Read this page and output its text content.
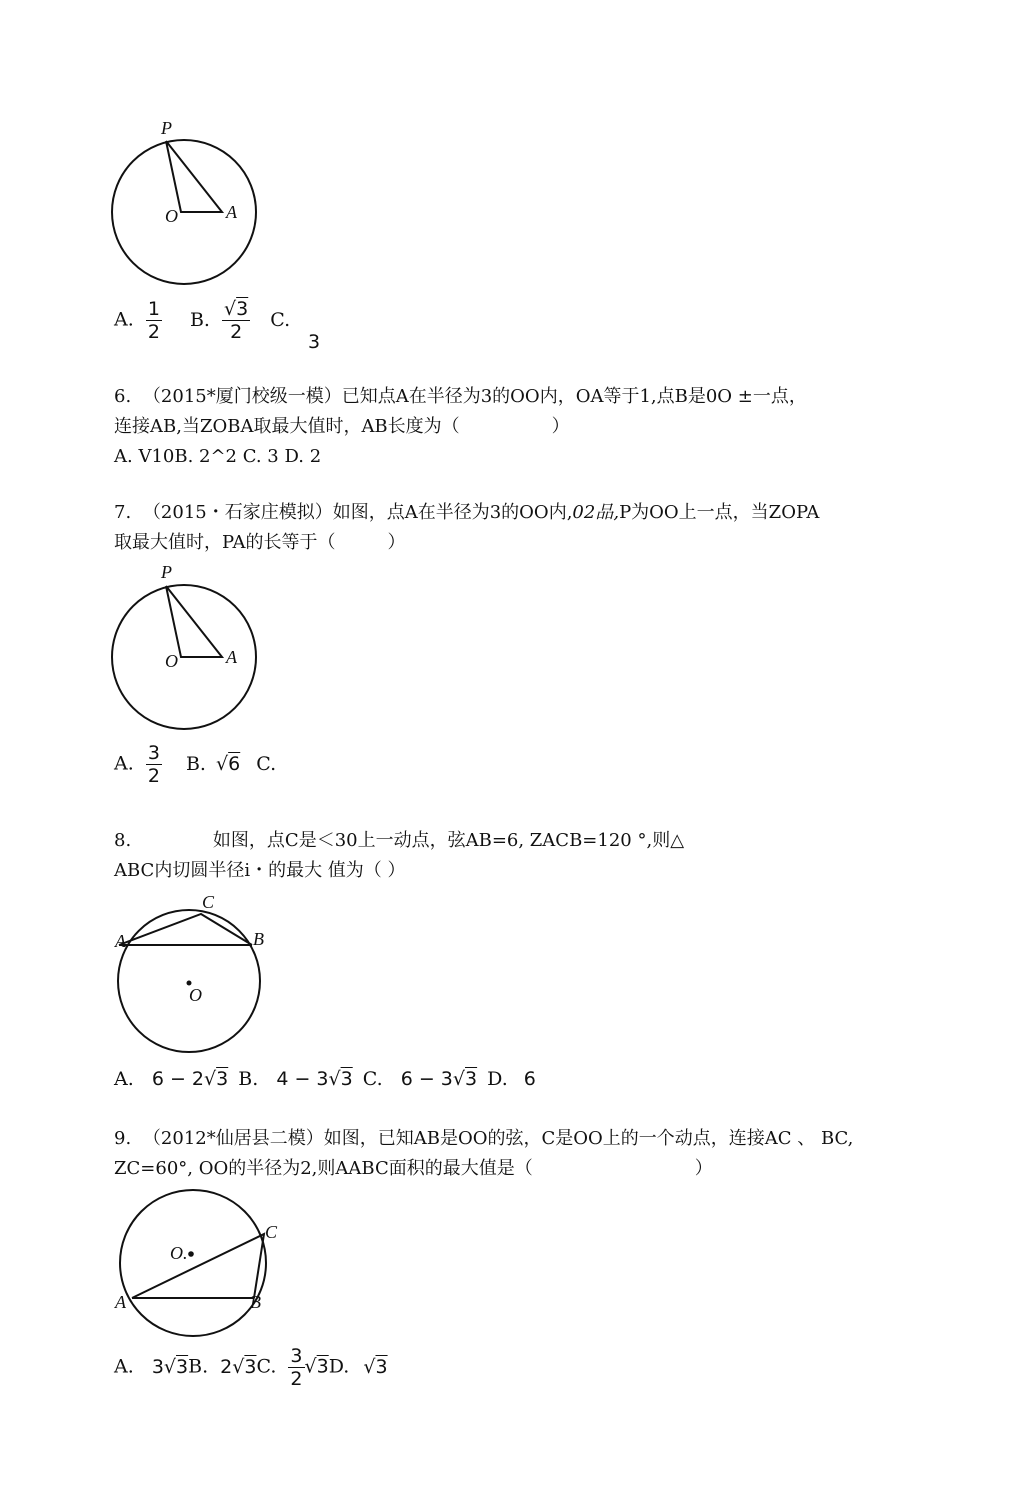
P
O	A
A. $\frac{1}{2} B$. $\frac{√3}{2} C$.
3
6. （2015*厦门校级一模）已知点A在半径为3的OO内，OA等于1,点B是0O ±一点，
连接AB,当ZOBA取最大值时，AB长度为（	）
A. V10B. 2^2 C. 3 D. 2
7. （2015・石家庄模拟）如图，点A在半径为3的OO内,02品,P为OO上一点，当ZOPA
取最大值时，PA的长等于（	）
P
O	A
A. $\frac{3}{2} B$. √6 C.
8.	如图，点C是＜30上一动点，弦AB=6, ZACB=120 °,则△
ABC内切圆半径i・的最大 值为（ ）
C
A	B
O
A. 6 − 2√3 B. 4 − 3√3 C. 6 − 3√3 D. 6
9. （2012*仙居县二模）如图，已知AB是OO的弦，C是OO上的一个动点，连接AC 、 BC,
ZC=60°, OO的半径为2,则AABC面积的最大值是（	）
O.
C
A	B
A. 3√3B. 2√3C. $\frac{3}{2} √3D$. √3
